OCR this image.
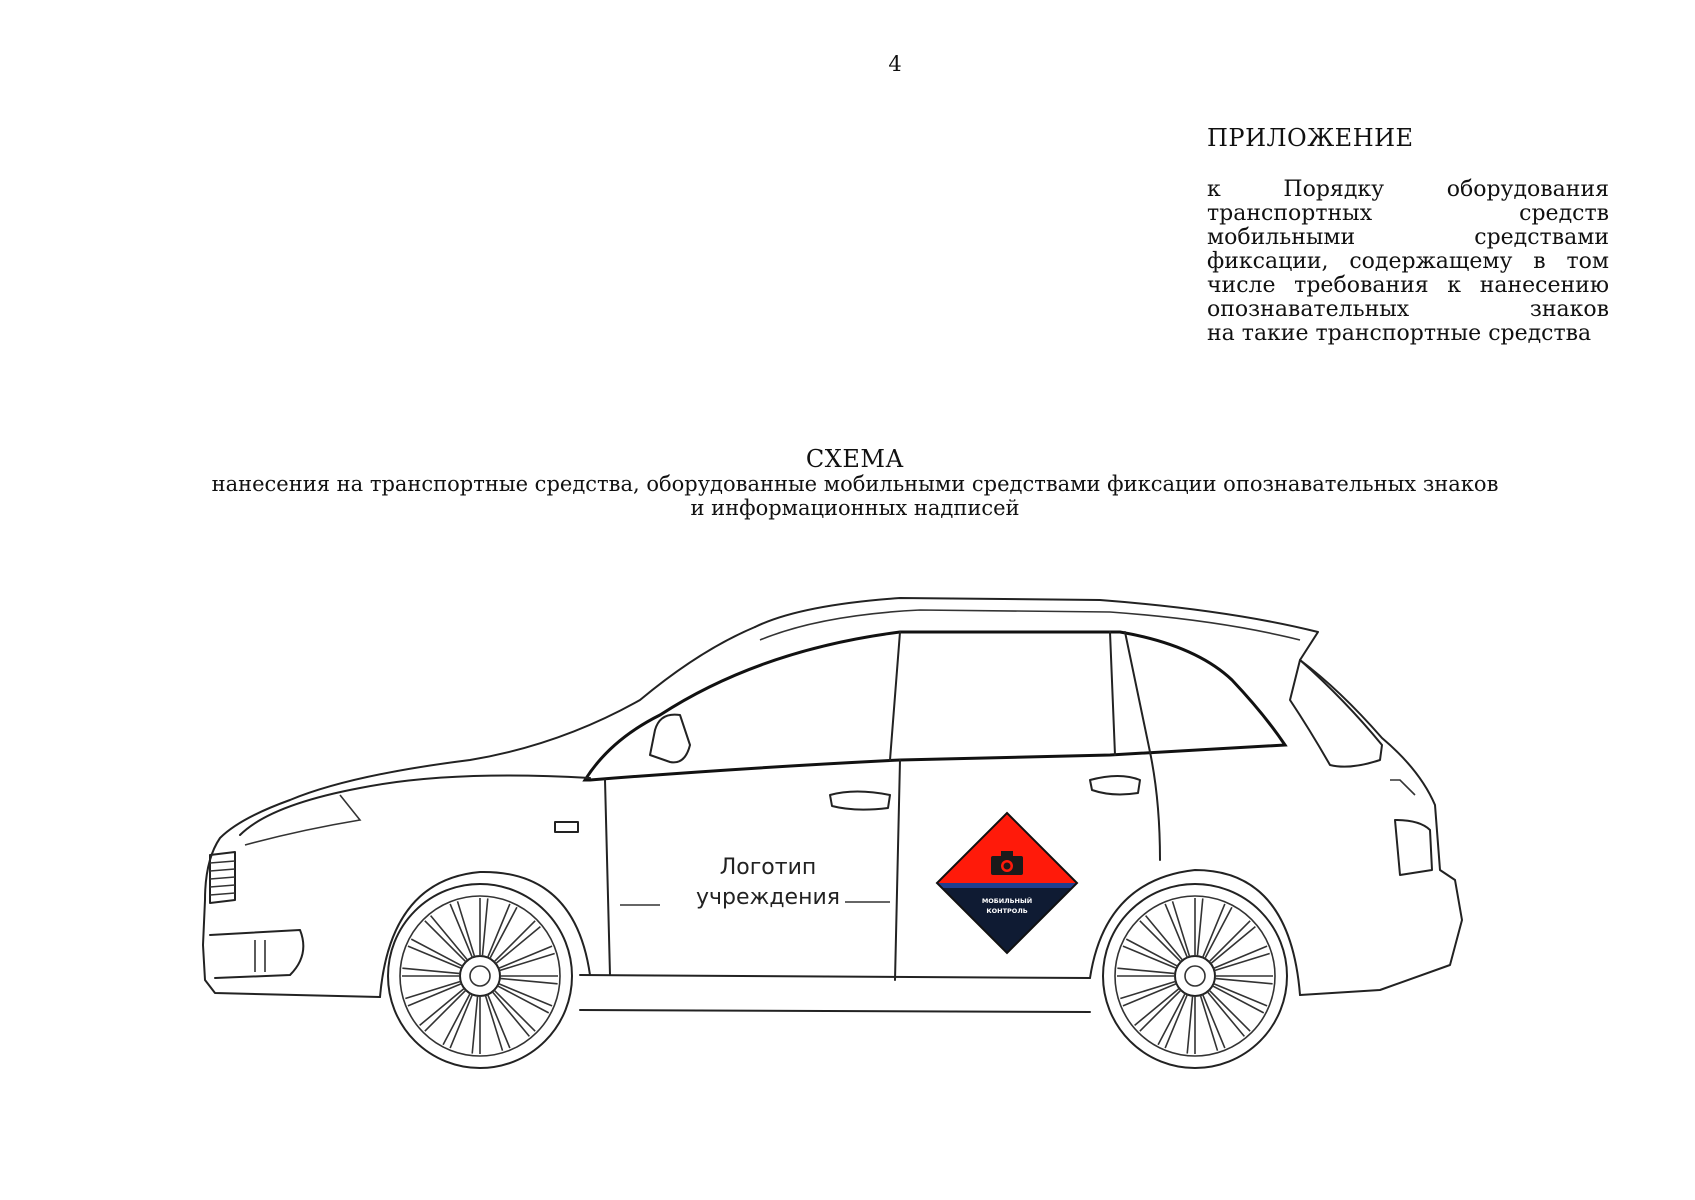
4
ПРИЛОЖЕНИЕ
к Порядку оборудования
транспортных средств
мобильными средствами
фиксации, содержащему в том
числе требования к нанесению
опознавательных знаков
на такие транспортные средства
СХЕМА
нанесения на транспортные средства, оборудованные мобильными средствами фиксации опознавательных знаков
и информационных надписей
Логотип
учреждения	МОБИЛЬНЫЙ
КОНТРОЛЬ
